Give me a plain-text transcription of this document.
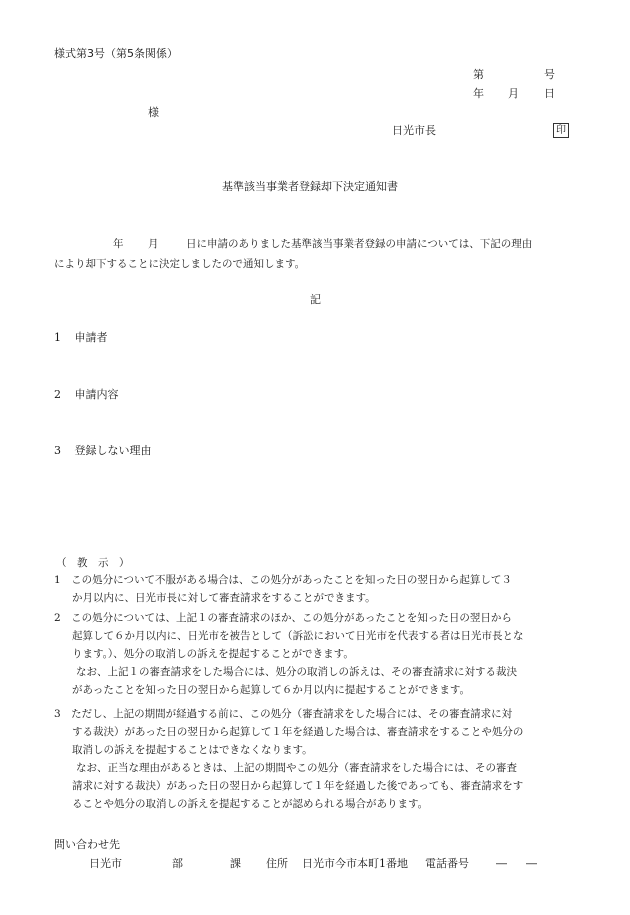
様式第3号（第5条関係）
第	号
年 月 日
様
日光市長	印
基準該当事業者登録却下決定通知書
年 月	日に申請のありました基準該当事業者登録の申請については、下記の理由
により却下することに決定しましたので通知します。
記
1 申請者
2 申請内容
3 登録しない理由
（　教　示　）
1　この処分について不服がある場合は、この処分があったことを知った日の翌日から起算して３
か月以内に、日光市長に対して審査請求をすることができます。
2　この処分については、上記１の審査請求のほか、この処分があったことを知った日の翌日から
起算して６か月以内に、日光市を被告として（訴訟において日光市を代表する者は日光市長とな
ります。）、処分の取消しの訴えを提起することができます。
なお、上記１の審査請求をした場合には、処分の取消しの訴えは、その審査請求に対する裁決
があったことを知った日の翌日から起算して６か月以内に提起することができます。
3　ただし、上記の期間が経過する前に、この処分（審査請求をした場合には、その審査請求に対
する裁決）があった日の翌日から起算して１年を経過した場合は、審査請求をすることや処分の
取消しの訴えを提起することはできなくなります。
なお、正当な理由があるときは、上記の期間やこの処分（審査請求をした場合には、その審査
請求に対する裁決）があった日の翌日から起算して１年を経過した後であっても、審査請求をす
ることや処分の取消しの訴えを提起することが認められる場合があります。
問い合わせ先
日光市	部	課 住所 日光市今市本町1番地 電話番号 ― ―
